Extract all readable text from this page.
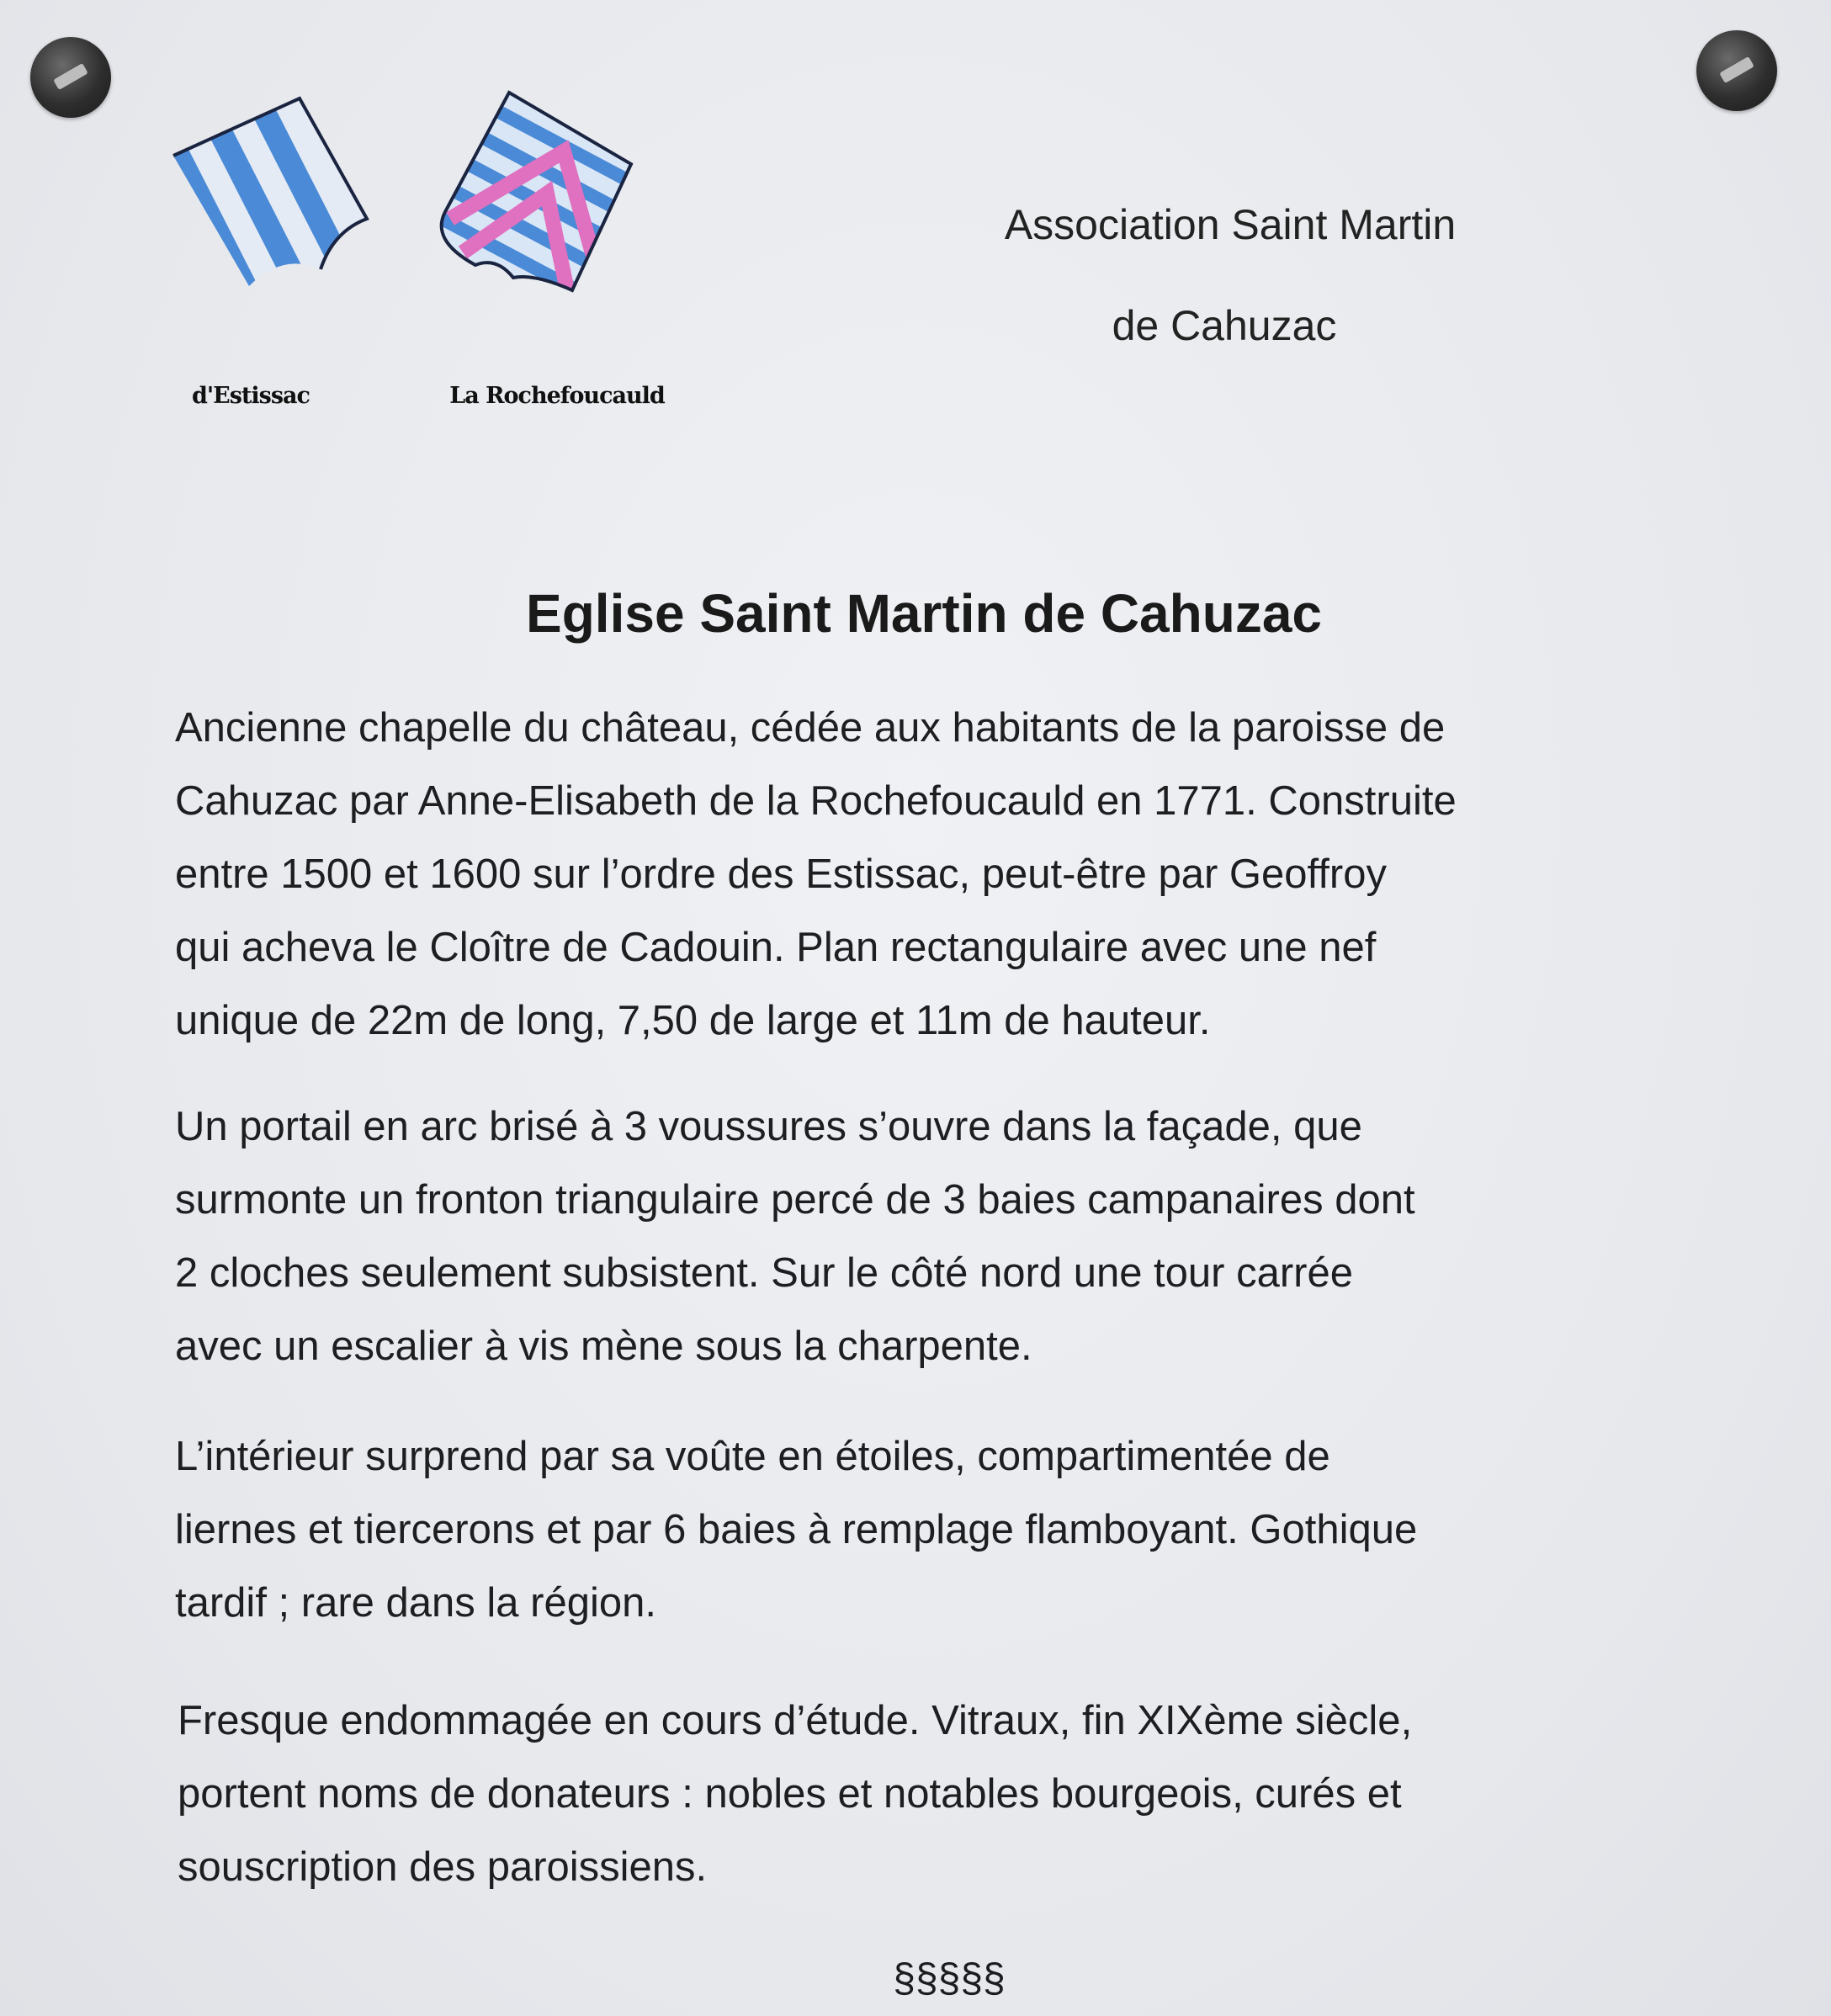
d'Estissac	La Rochefoucauld
Association Saint Martin
de Cahuzac
Eglise Saint Martin de Cahuzac
Ancienne chapelle du château, cédée aux habitants de la paroisse de
Cahuzac par Anne-Elisabeth de la Rochefoucauld en 1771. Construite
entre 1500 et 1600 sur l’ordre des Estissac, peut-être par Geoffroy
qui acheva le Cloître de Cadouin. Plan rectangulaire avec une nef
unique de 22m de long, 7,50 de large et 11m de hauteur.
Un portail en arc brisé à 3 voussures s’ouvre dans la façade, que
surmonte un fronton triangulaire percé de 3 baies campanaires dont
2 cloches seulement subsistent. Sur le côté nord une tour carrée
avec un escalier à vis mène sous la charpente.
L’intérieur surprend par sa voûte en étoiles, compartimentée de
liernes et tiercerons et par 6 baies à remplage flamboyant. Gothique
tardif ; rare dans la région.
Fresque endommagée en cours d’étude. Vitraux, fin XIXème siècle,
portent noms de donateurs : nobles et notables bourgeois, curés et
souscription des paroissiens.
§§§§§
